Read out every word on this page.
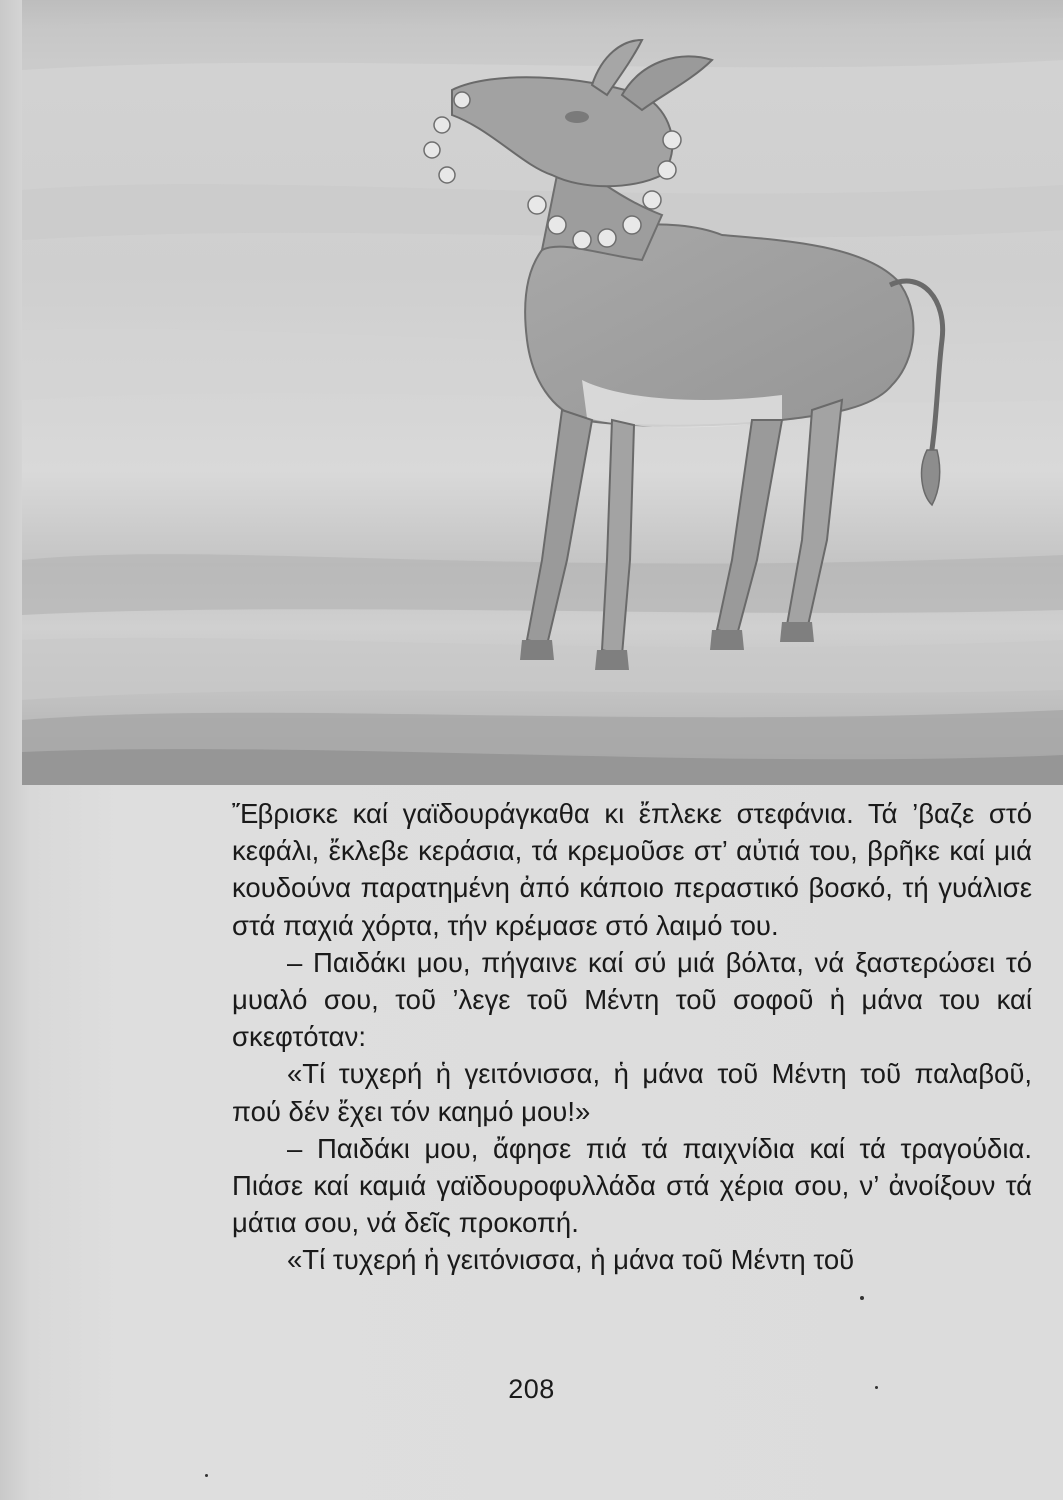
Ἔβρισκε καί γαϊδουράγκαθα κι ἔπλεκε στεφάνια. Τά ’βαζε στό κεφάλι, ἔκλεβε κεράσια, τά κρεμοῦσε στ’ αὐτιά του, βρῆκε καί μιά κουδούνα παρατημένη ἀπό κάποιο περαστικό βοσκό, τή γυάλισε στά παχιά χόρτα, τήν κρέμασε στό λαιμό του.

– Παιδάκι μου, πήγαινε καί σύ μιά βόλτα, νά ξαστερώσει τό μυαλό σου, τοῦ ’λεγε τοῦ Μέντη τοῦ σοφοῦ ἡ μάνα του καί σκεφτόταν:

«Τί τυχερή ἡ γειτόνισσα, ἡ μάνα τοῦ Μέντη τοῦ παλαβοῦ, πού δέν ἔχει τόν καημό μου!»

– Παιδάκι μου, ἄφησε πιά τά παιχνίδια καί τά τραγούδια. Πιάσε καί καμιά γαϊδουροφυλλάδα στά χέρια σου, ν’ ἀνοίξουν τά μάτια σου, νά δεῖς προκοπή.

«Τί τυχερή ἡ γειτόνισσα, ἡ μάνα τοῦ Μέντη τοῦ

208
